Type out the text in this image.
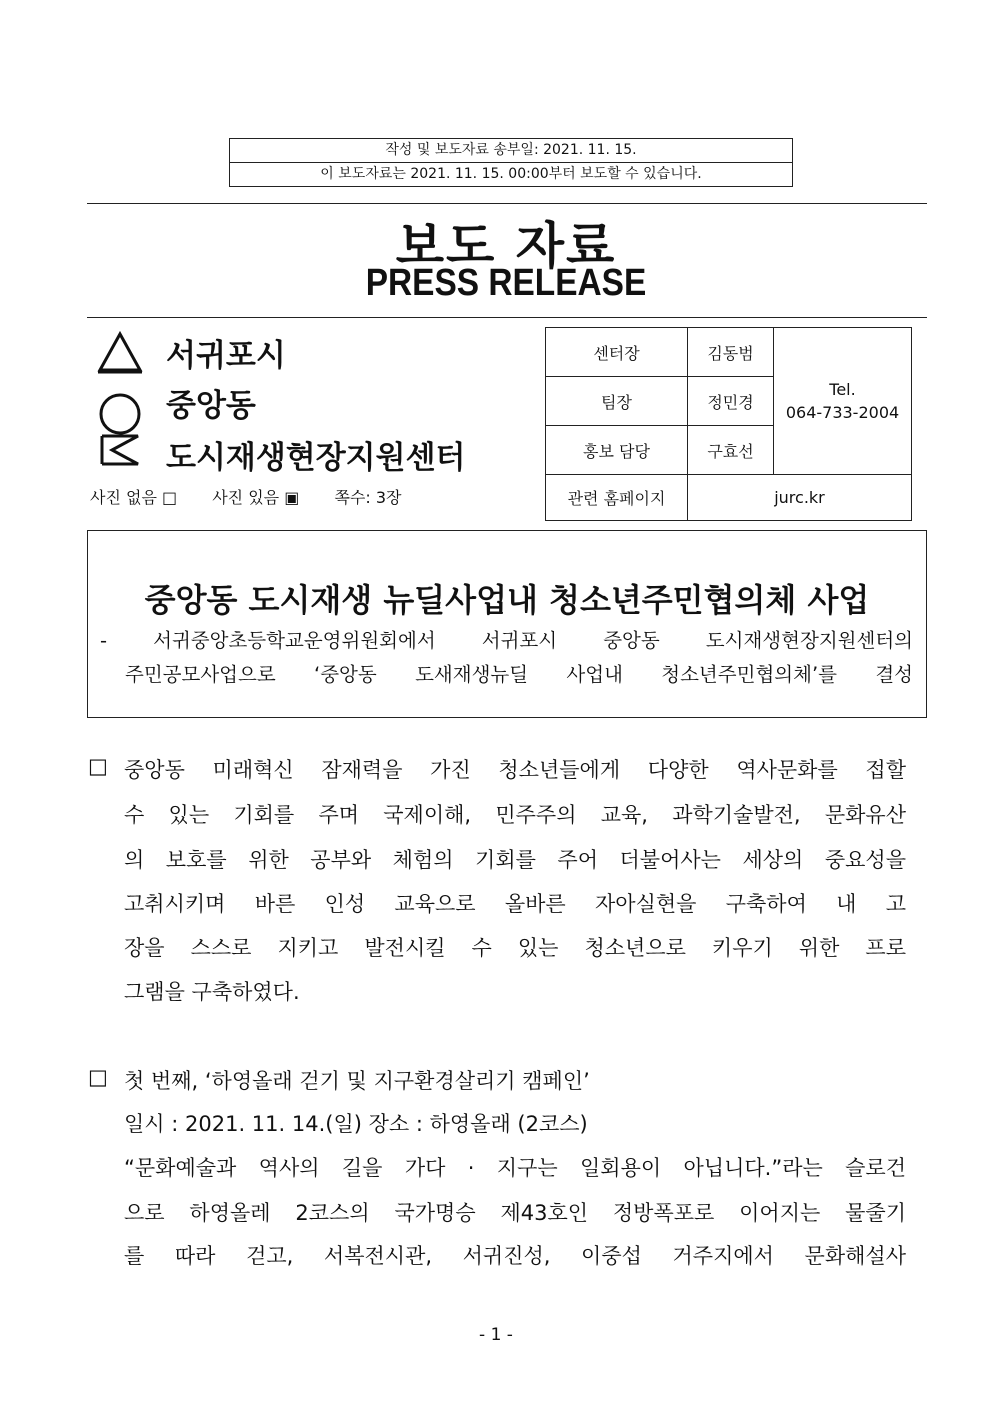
작성 및 보도자료 송부일: 2021. 11. 15.
이 보도자료는 2021. 11. 15. 00:00부터 보도할 수 있습니다.
보도 자료
PRESS RELEASE
서귀포시
중앙동
도시재생현장지원센터
사진 없음 □ 사진 있음 ▣ 쪽수: 3장
센터장	김동범	Tel.
064-733-2004

팀장	정민경	
홍보 담당	구효선	
관련 홈페이지	jurc.kr	
중앙동 도시재생 뉴딜사업내 청소년주민협의체 사업
- 서귀중앙초등학교운영위원회에서 서귀포시 중앙동 도시재생현장지원센터의
주민공모사업으로 ‘중앙동 도새재생뉴딜 사업내 청소년주민협의체’를 결성
□ 중앙동 미래혁신 잠재력을 가진 청소년들에게 다양한 역사문화를 접할
수 있는 기회를 주며 국제이해, 민주주의 교육, 과학기술발전, 문화유산
의 보호를 위한 공부와 체험의 기회를 주어 더불어사는 세상의 중요성을
고취시키며 바른 인성 교육으로 올바른 자아실현을 구축하여 내 고
장을 스스로 지키고 발전시킬 수 있는 청소년으로 키우기 위한 프로
그램을 구축하였다.
□ 첫 번째, ‘하영올래 걷기 및 지구환경살리기 캠페인’
일시 : 2021. 11. 14.(일) 장소 : 하영올래 (2코스)
“문화예술과 역사의 길을 가다 · 지구는 일회용이 아닙니다.”라는 슬로건
으로 하영올레 2코스의 국가명승 제43호인 정방폭포로 이어지는 물줄기
를 따라 걷고, 서복전시관, 서귀진성, 이중섭 거주지에서 문화해설사
- 1 -
